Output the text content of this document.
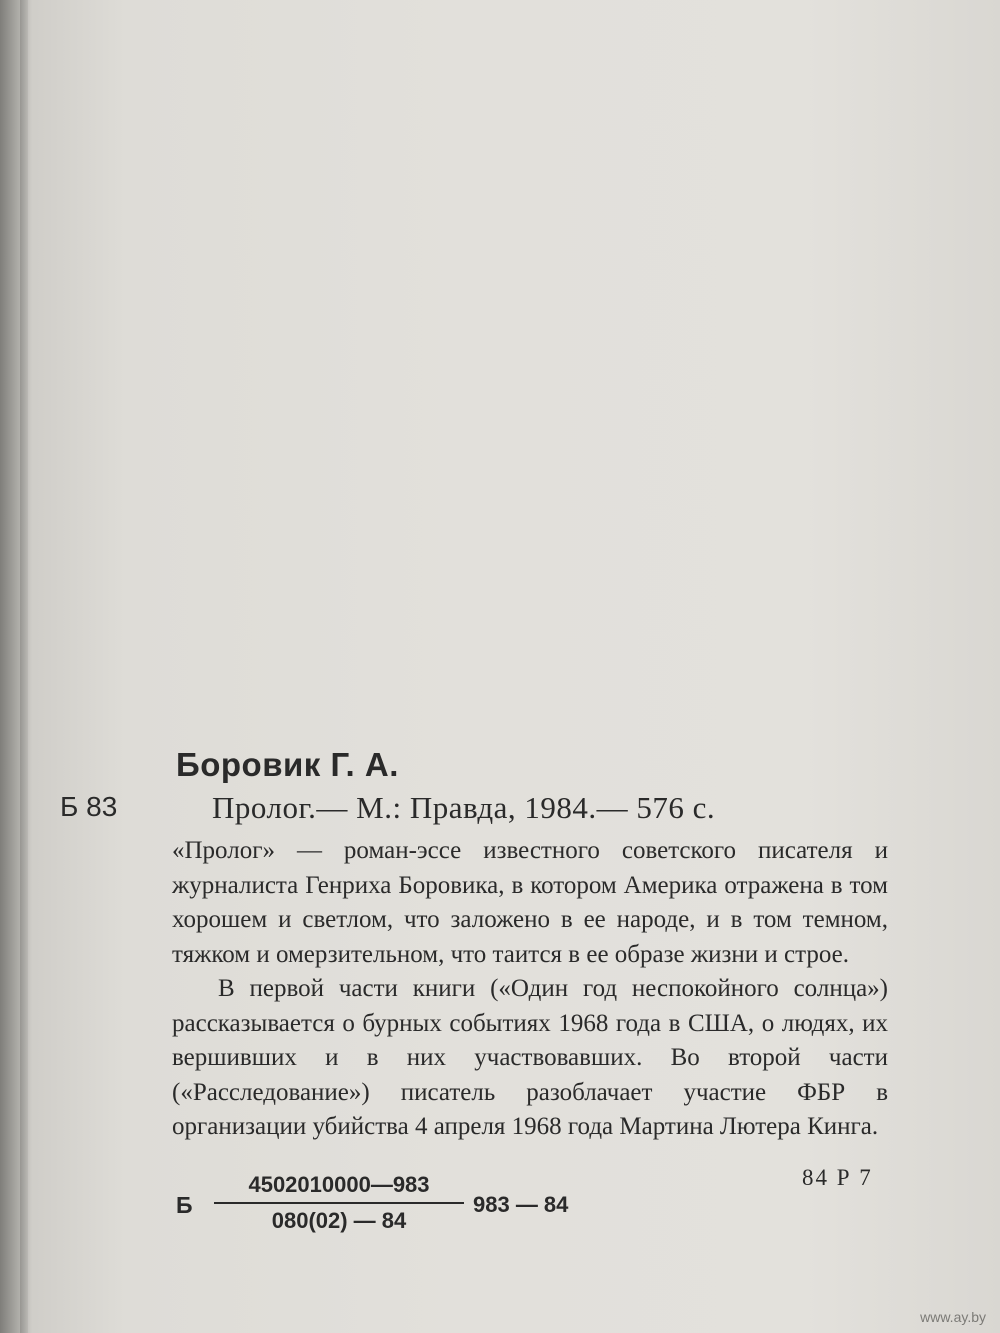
Боровик Г. А.
Б 83	Пролог.— М.: Правда, 1984.— 576 с.

«Пролог» — роман-эссе известного советского писателя и журналиста Генриха Боровика, в котором Америка отражена в том хорошем и светлом, что заложено в ее народе, и в том темном, тяжком и омерзительном, что таится в ее образе жизни и строе.

В первой части книги («Один год неспокойного солнца») рассказывается о бурных событиях 1968 года в США, о людях, их вершивших и в них участвовавших. Во второй части («Расследование») писатель разоблачает участие ФБР в организации убийства 4 апреля 1968 года Мартина Лютера Кинга.

84 Р 7
Б $\frac{4502010000—983}{080(02) — 84} 983$ — 84
www.ay.by
